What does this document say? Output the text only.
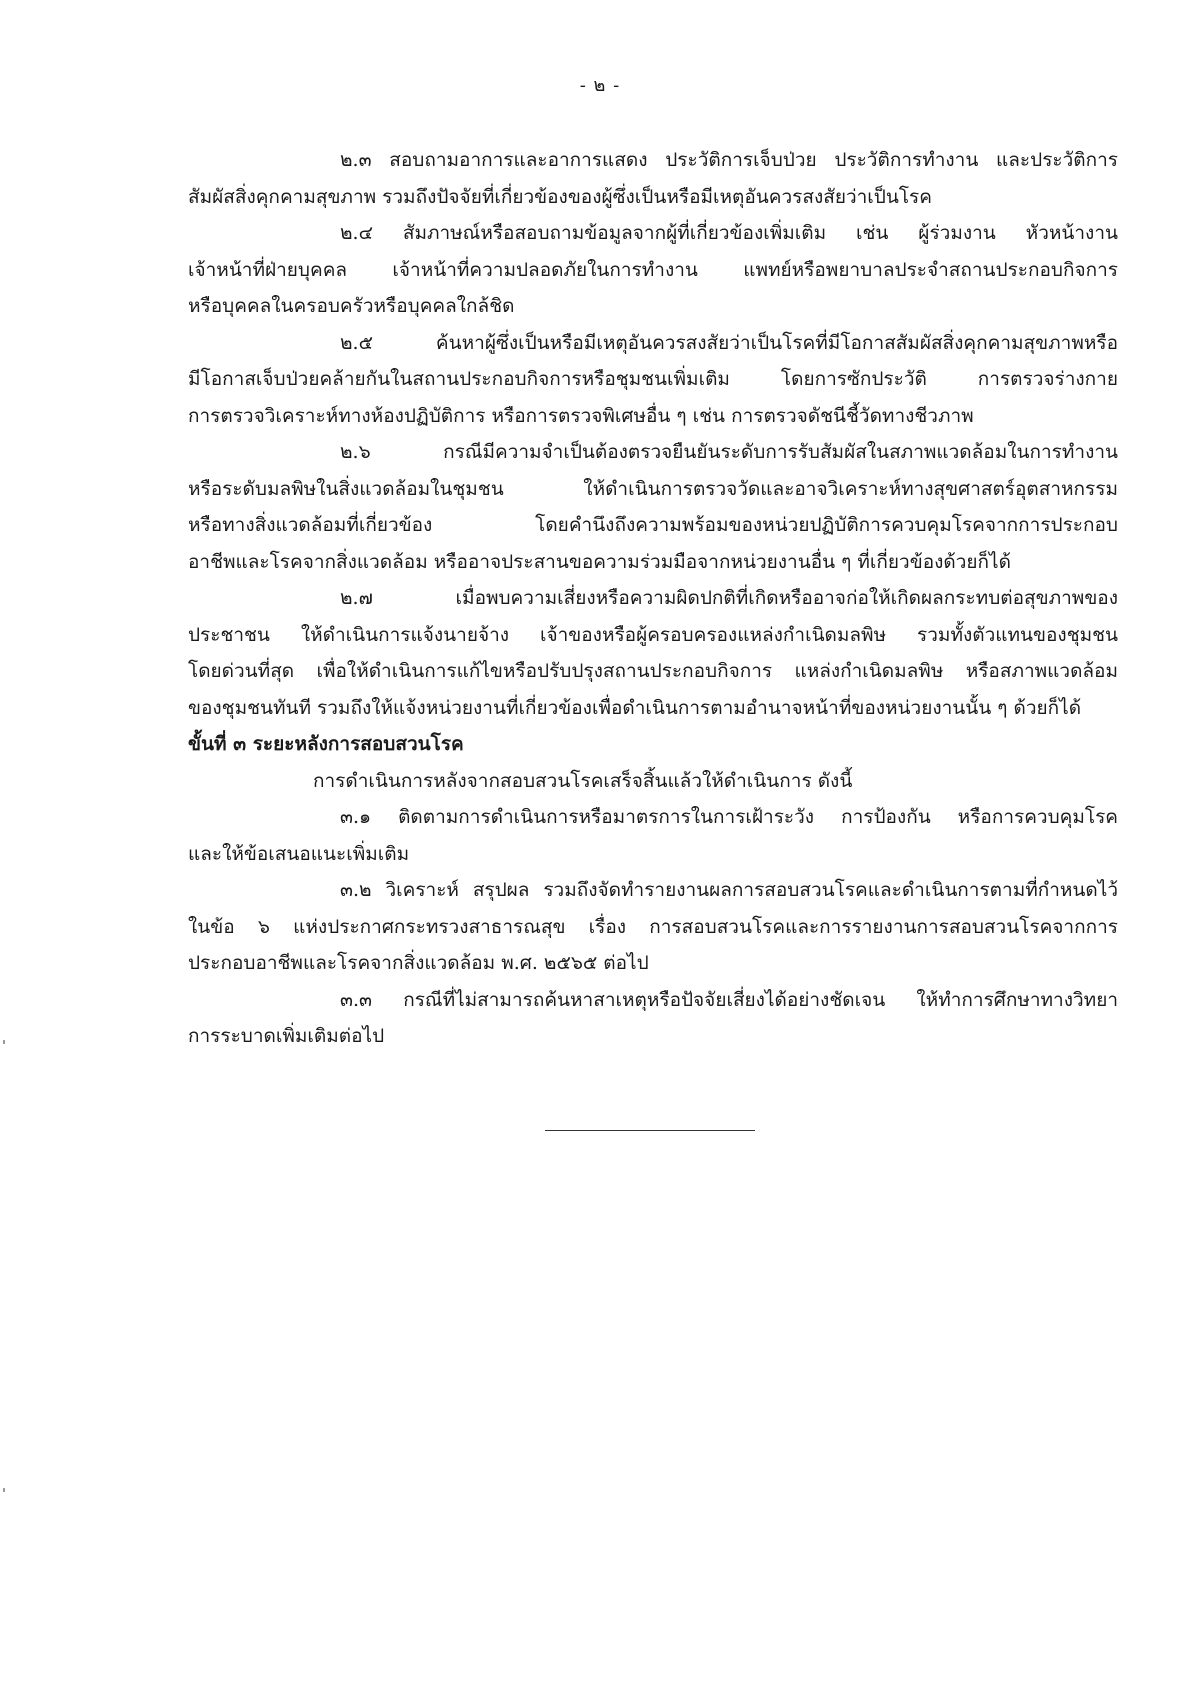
- ๒ -
๒.๓ สอบถามอาการและอาการแสดง ประวัติการเจ็บป่วย ประวัติการทำงาน และประวัติการ
สัมผัสสิ่งคุกคามสุขภาพ รวมถึงปัจจัยที่เกี่ยวข้องของผู้ซึ่งเป็นหรือมีเหตุอันควรสงสัยว่าเป็นโรค
๒.๔ สัมภาษณ์หรือสอบถามข้อมูลจากผู้ที่เกี่ยวข้องเพิ่มเติม เช่น ผู้ร่วมงาน หัวหน้างาน
เจ้าหน้าที่ฝ่ายบุคคล เจ้าหน้าที่ความปลอดภัยในการทำงาน แพทย์หรือพยาบาลประจำสถานประกอบกิจการ
หรือบุคคลในครอบครัวหรือบุคคลใกล้ชิด
๒.๕ ค้นหาผู้ซึ่งเป็นหรือมีเหตุอันควรสงสัยว่าเป็นโรคที่มีโอกาสสัมผัสสิ่งคุกคามสุขภาพหรือ
มีโอกาสเจ็บป่วยคล้ายกันในสถานประกอบกิจการหรือชุมชนเพิ่มเติม โดยการซักประวัติ การตรวจร่างกาย
การตรวจวิเคราะห์ทางห้องปฏิบัติการ หรือการตรวจพิเศษอื่น ๆ เช่น การตรวจดัชนีชี้วัดทางชีวภาพ
๒.๖ กรณีมีความจำเป็นต้องตรวจยืนยันระดับการรับสัมผัสในสภาพแวดล้อมในการทำงาน
หรือระดับมลพิษในสิ่งแวดล้อมในชุมชน ให้ดำเนินการตรวจวัดและอาจวิเคราะห์ทางสุขศาสตร์อุตสาหกรรม
หรือทางสิ่งแวดล้อมที่เกี่ยวข้อง โดยคำนึงถึงความพร้อมของหน่วยปฏิบัติการควบคุมโรคจากการประกอบ
อาชีพและโรคจากสิ่งแวดล้อม หรืออาจประสานขอความร่วมมือจากหน่วยงานอื่น ๆ ที่เกี่ยวข้องด้วยก็ได้
๒.๗ เมื่อพบความเสี่ยงหรือความผิดปกติที่เกิดหรืออาจก่อให้เกิดผลกระทบต่อสุขภาพของ
ประชาชน ให้ดำเนินการแจ้งนายจ้าง เจ้าของหรือผู้ครอบครองแหล่งกำเนิดมลพิษ รวมทั้งตัวแทนของชุมชน
โดยด่วนที่สุด เพื่อให้ดำเนินการแก้ไขหรือปรับปรุงสถานประกอบกิจการ แหล่งกำเนิดมลพิษ หรือสภาพแวดล้อม
ของชุมชนทันที รวมถึงให้แจ้งหน่วยงานที่เกี่ยวข้องเพื่อดำเนินการตามอำนาจหน้าที่ของหน่วยงานนั้น ๆ ด้วยก็ได้
ขั้นที่ ๓ ระยะหลังการสอบสวนโรค
การดำเนินการหลังจากสอบสวนโรคเสร็จสิ้นแล้วให้ดำเนินการ ดังนี้
๓.๑ ติดตามการดำเนินการหรือมาตรการในการเฝ้าระวัง การป้องกัน หรือการควบคุมโรค
และให้ข้อเสนอแนะเพิ่มเติม
๓.๒ วิเคราะห์ สรุปผล รวมถึงจัดทำรายงานผลการสอบสวนโรคและดำเนินการตามที่กำหนดไว้
ในข้อ ๖ แห่งประกาศกระทรวงสาธารณสุข เรื่อง การสอบสวนโรคและการรายงานการสอบสวนโรคจากการ
ประกอบอาชีพและโรคจากสิ่งแวดล้อม พ.ศ. ๒๕๖๕ ต่อไป
๓.๓ กรณีที่ไม่สามารถค้นหาสาเหตุหรือปัจจัยเสี่ยงได้อย่างชัดเจน ให้ทำการศึกษาทางวิทยา
การระบาดเพิ่มเติมต่อไป
